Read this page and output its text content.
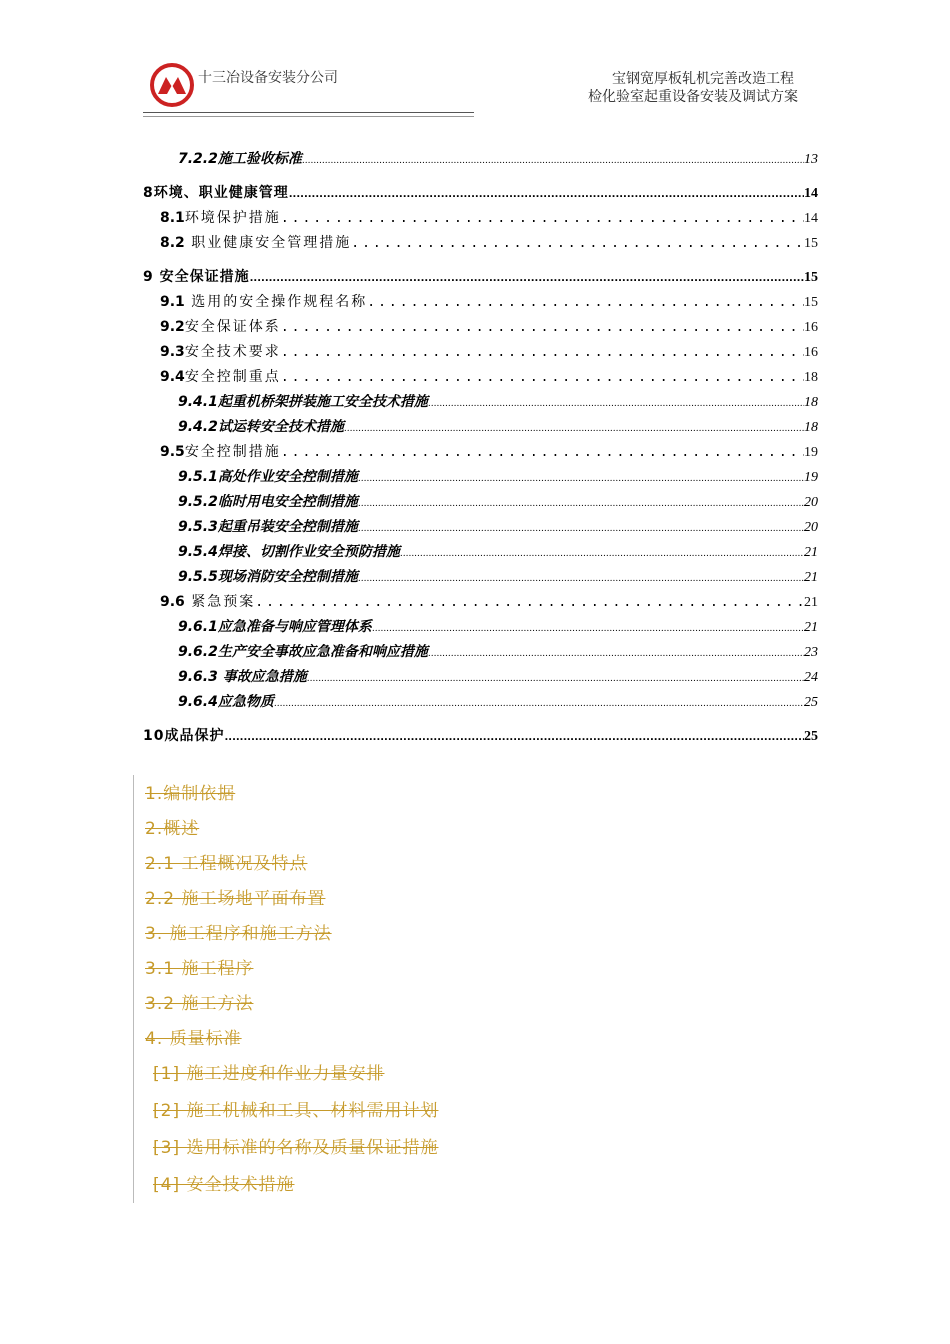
十三冶设备安装分公司	宝钢宽厚板轧机完善改造工程
检化验室起重设备安装及调试方案
7.2.2施工验收标准 .....	13
8环境、职业健康管理 .....	14
8.1环境保护措施 .....	14
8.2 职业健康安全管理措施 .....	15
9 安全保证措施 .....	15
9.1 选用的安全操作规程名称 .....	15
9.2安全保证体系 .....	16
9.3安全技术要求 .....	16
9.4安全控制重点 .....	18
9.4.1起重机桥架拼装施工安全技术措施 .....	18
9.4.2试运转安全技术措施 .....	18
9.5安全控制措施 .....	19
9.5.1高处作业安全控制措施 .....	19
9.5.2临时用电安全控制措施 .....	20
9.5.3起重吊装安全控制措施 .....	20
9.5.4焊接、切割作业安全预防措施 .....	21
9.5.5现场消防安全控制措施 .....	21
9.6 紧急预案 .....	21
9.6.1应急准备与响应管理体系 .....	21
9.6.2生产安全事故应急准备和响应措施 .....	23
9.6.3 事故应急措施 .....	24
9.6.4应急物质 .....	25
10成品保护 .....	25
1.编制依据
2.概述
2.1 工程概况及特点
2.2 施工场地平面布置
3. 施工程序和施工方法
3.1 施工程序
3.2 施工方法
4. 质量标准
[1] 施工进度和作业力量安排
[2] 施工机械和工具、材料需用计划
[3] 选用标准的名称及质量保证措施
[4] 安全技术措施
